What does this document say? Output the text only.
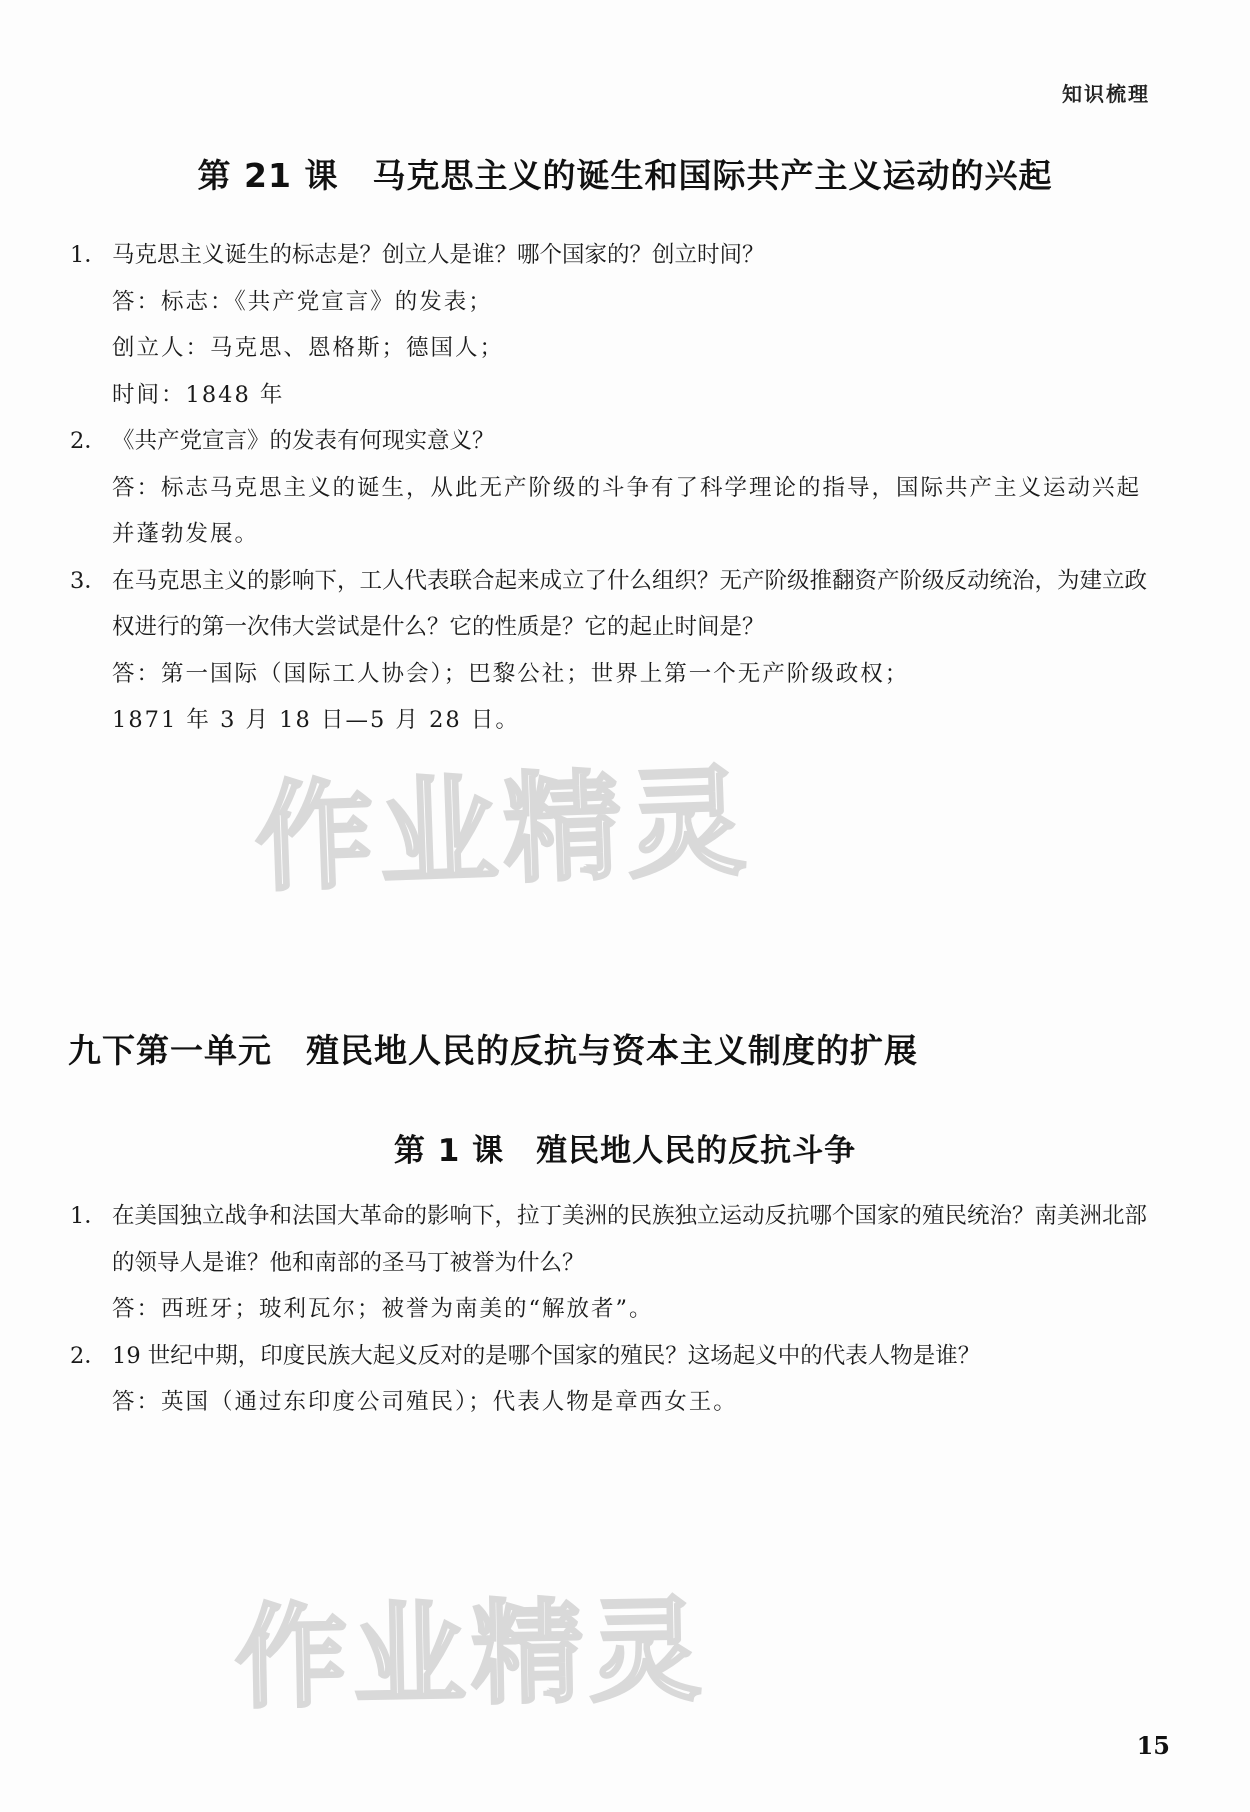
知识梳理
第 21 课　马克思主义的诞生和国际共产主义运动的兴起

1． 马克思主义诞生的标志是？创立人是谁？哪个国家的？创立时间？

答：标志：《共产党宣言》的发表；

创立人：马克思、恩格斯；德国人；

时间：1848 年

2． 《共产党宣言》的发表有何现实意义？

答：标志马克思主义的诞生，从此无产阶级的斗争有了科学理论的指导，国际共产主义运动兴起并蓬勃发展。

3． 在马克思主义的影响下，工人代表联合起来成立了什么组织？无产阶级推翻资产阶级反动统治，为建立政权进行的第一次伟大尝试是什么？它的性质是？它的起止时间是？

答：第一国际（国际工人协会）；巴黎公社；世界上第一个无产阶级政权；

1871 年 3 月 18 日—5 月 28 日。

作业精灵
九下第一单元　殖民地人民的反抗与资本主义制度的扩展
第 1 课　殖民地人民的反抗斗争

1． 在美国独立战争和法国大革命的影响下，拉丁美洲的民族独立运动反抗哪个国家的殖民统治？南美洲北部的领导人是谁？他和南部的圣马丁被誉为什么？

答：西班牙；玻利瓦尔；被誉为南美的“解放者”。

2． 19 世纪中期，印度民族大起义反对的是哪个国家的殖民？这场起义中的代表人物是谁？

答：英国（通过东印度公司殖民）；代表人物是章西女王。

作业精灵
15
